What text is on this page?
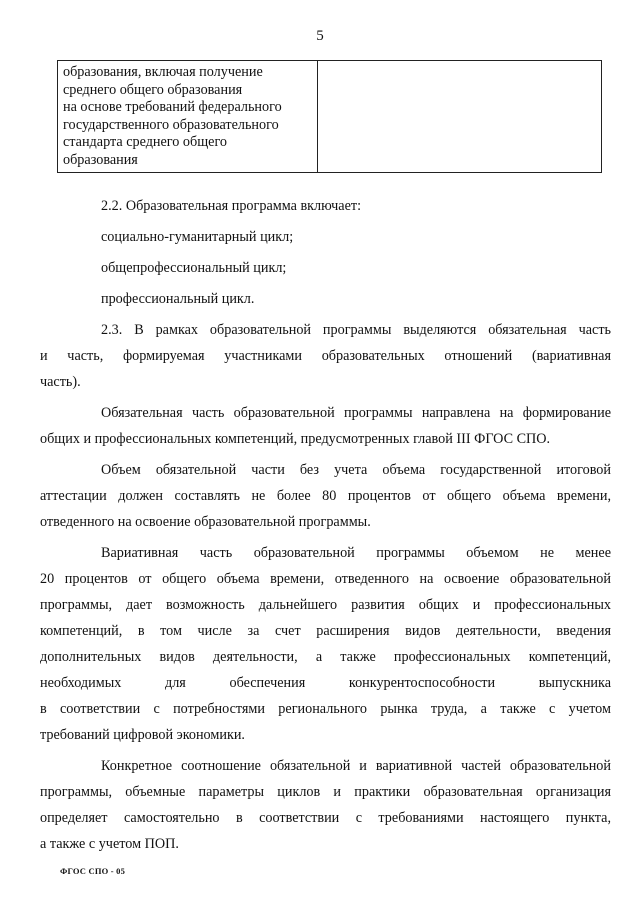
5
образования, включая получение
среднего общего образования
на основе требований федерального
государственного образовательного
стандарта среднего общего
образования

2.2. Образовательная программа включает:

социально-гуманитарный цикл;

общепрофессиональный цикл;

профессиональный цикл.

2.3. В рамках образовательной программы выделяются обязательная часть
и часть, формируемая участниками образовательных отношений (вариативная
часть).

Обязательная часть образовательной программы направлена на формирование
общих и профессиональных компетенций, предусмотренных главой III ФГОС СПО.

Объем обязательной части без учета объема государственной итоговой
аттестации должен составлять не более 80 процентов от общего объема времени,
отведенного на освоение образовательной программы.

Вариативная часть образовательной программы объемом не менее
20 процентов от общего объема времени, отведенного на освоение образовательной
программы, дает возможность дальнейшего развития общих и профессиональных
компетенций, в том числе за счет расширения видов деятельности, введения
дополнительных видов деятельности, а также профессиональных компетенций,
необходимых для обеспечения конкурентоспособности выпускника
в соответствии с потребностями регионального рынка труда, а также с учетом
требований цифровой экономики.

Конкретное соотношение обязательной и вариативной частей образовательной
программы, объемные параметры циклов и практики образовательная организация
определяет самостоятельно в соответствии с требованиями настоящего пункта,
а также с учетом ПОП.

ФГОС СПО - 05
